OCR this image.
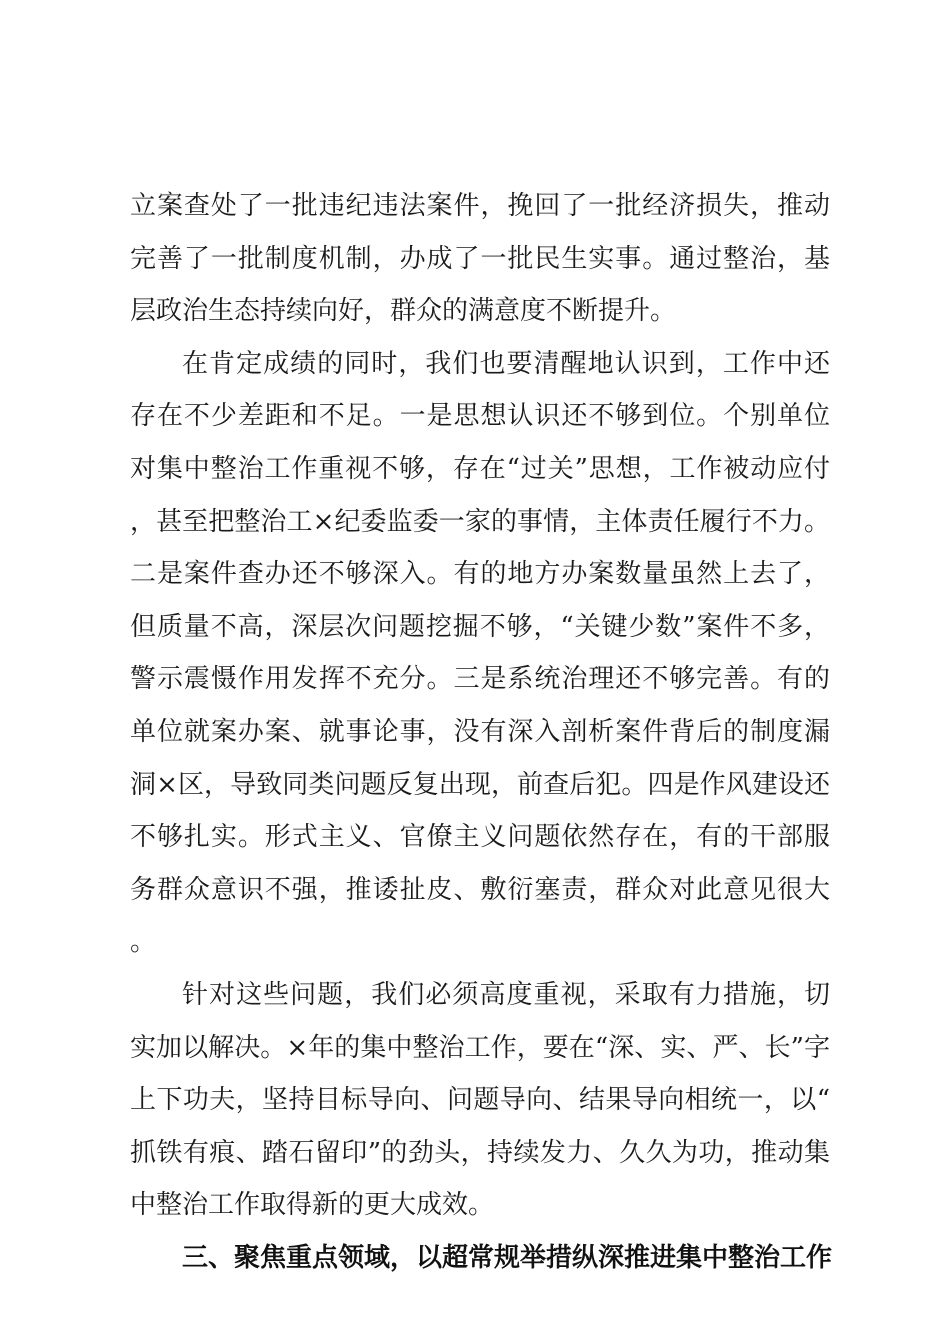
立案查处了一批违纪违法案件，挽回了一批经济损失，推动完善了一批制度机制，办成了一批民生实事。通过整治，基层政治生态持续向好，群众的满意度不断提升。

在肯定成绩的同时，我们也要清醒地认识到，工作中还存在不少差距和不足。一是思想认识还不够到位。个别单位对集中整治工作重视不够，存在“过关”思想，工作被动应付，甚至把整治工×纪委监委一家的事情，主体责任履行不力。二是案件查办还不够深入。有的地方办案数量虽然上去了，但质量不高，深层次问题挖掘不够，“关键少数”案件不多，警示震慑作用发挥不充分。三是系统治理还不够完善。有的单位就案办案、就事论事，没有深入剖析案件背后的制度漏洞×区，导致同类问题反复出现，前查后犯。四是作风建设还不够扎实。形式主义、官僚主义问题依然存在，有的干部服务群众意识不强，推诿扯皮、敷衍塞责，群众对此意见很大。

针对这些问题，我们必须高度重视，采取有力措施，切实加以解决。×年的集中整治工作，要在“深、实、严、长”字上下功夫，坚持目标导向、问题导向、结果导向相统一，以“抓铁有痕、踏石留印”的劲头，持续发力、久久为功，推动集中整治工作取得新的更大成效。

三、聚焦重点领域，以超常规举措纵深推进集中整治工作
